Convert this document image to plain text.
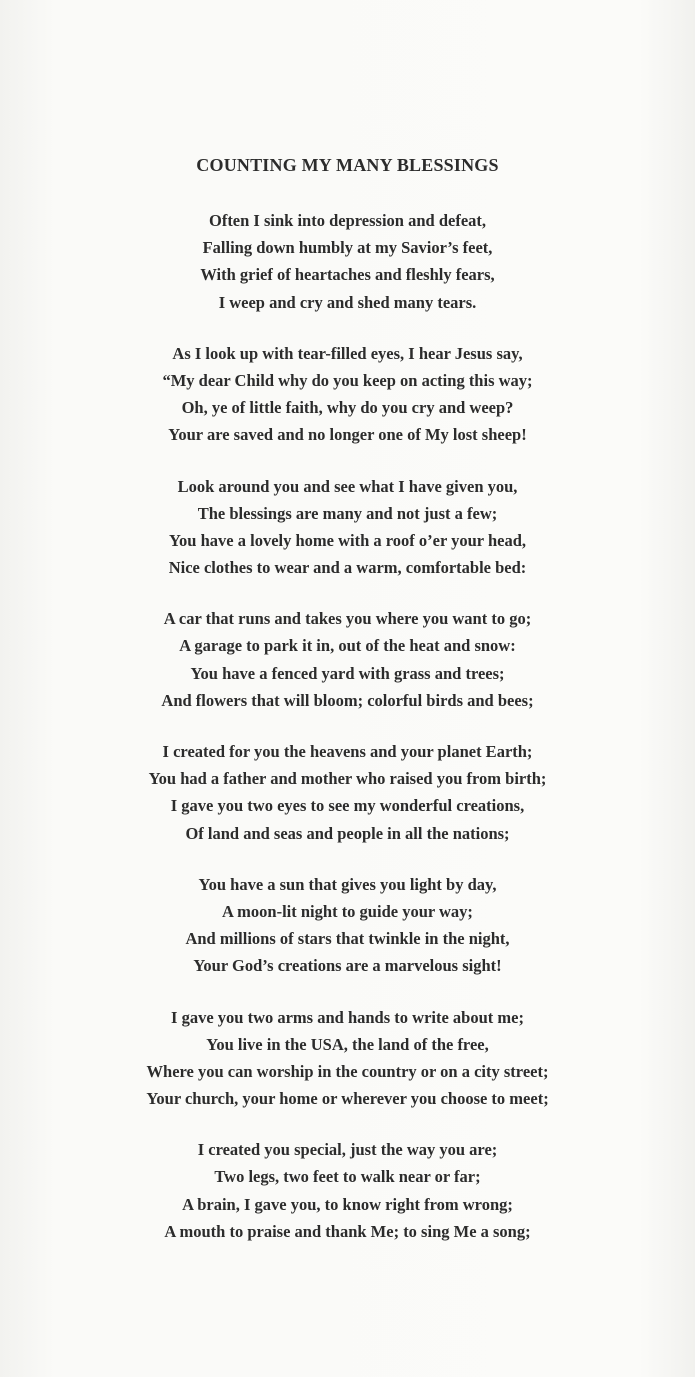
COUNTING MY MANY BLESSINGS
Often I sink into depression and defeat,
Falling down humbly at my Savior’s feet,
With grief of heartaches and fleshly fears,
I weep and cry and shed many tears.
As I look up with tear-filled eyes, I hear Jesus say,
“My dear Child why do you keep on acting this way;
Oh, ye of little faith, why do you cry and weep?
Your are saved and no longer one of My lost sheep!
Look around you and see what I have given you,
The blessings are many and not just a few;
You have a lovely home with a roof o’er your head,
Nice clothes to wear and a warm, comfortable bed:
A car that runs and takes you where you want to go;
A garage to park it in, out of the heat and snow:
You have a fenced yard with grass and trees;
And flowers that will bloom; colorful birds and bees;
I created for you the heavens and your planet Earth;
You had a father and mother who raised you from birth;
I gave you two eyes to see my wonderful creations,
Of land and seas and people in all the nations;
You have a sun that gives you light by day,
A moon-lit night to guide your way;
And millions of stars that twinkle in the night,
Your God’s creations are a marvelous sight!
I gave you two arms and hands to write about me;
You live in the USA, the land of the free,
Where you can worship in the country or on a city street;
Your church, your home or wherever you choose to meet;
I created you special, just the way you are;
Two legs, two feet to walk near or far;
A brain, I gave you, to know right from wrong;
A mouth to praise and thank Me; to sing Me a song;
